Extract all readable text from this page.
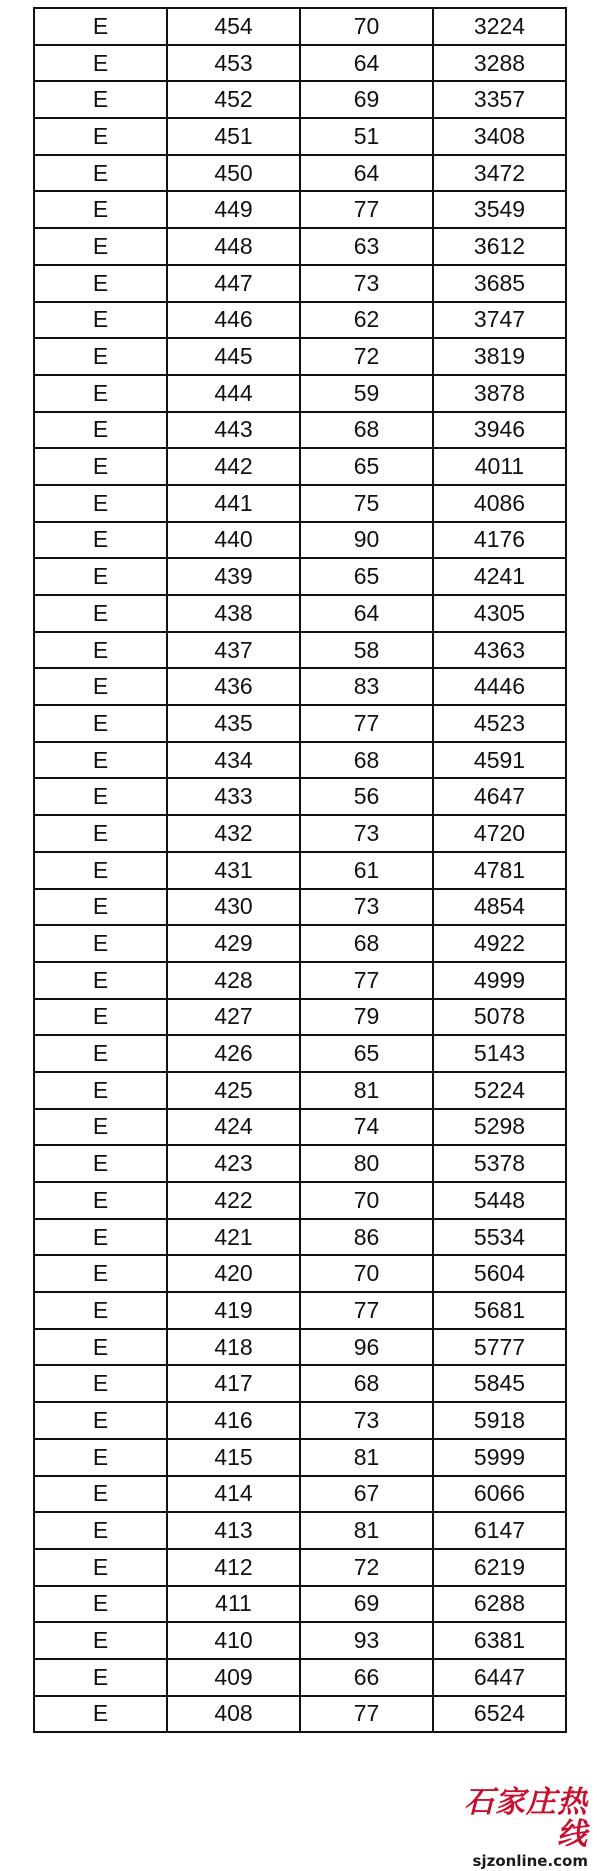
E	454	70	3224
E	453	64	3288
E	452	69	3357
E	451	51	3408
E	450	64	3472
E	449	77	3549
E	448	63	3612
E	447	73	3685
E	446	62	3747
E	445	72	3819
E	444	59	3878
E	443	68	3946
E	442	65	4011
E	441	75	4086
E	440	90	4176
E	439	65	4241
E	438	64	4305
E	437	58	4363
E	436	83	4446
E	435	77	4523
E	434	68	4591
E	433	56	4647
E	432	73	4720
E	431	61	4781
E	430	73	4854
E	429	68	4922
E	428	77	4999
E	427	79	5078
E	426	65	5143
E	425	81	5224
E	424	74	5298
E	423	80	5378
E	422	70	5448
E	421	86	5534
E	420	70	5604
E	419	77	5681
E	418	96	5777
E	417	68	5845
E	416	73	5918
E	415	81	5999
E	414	67	6066
E	413	81	6147
E	412	72	6219
E	411	69	6288
E	410	93	6381
E	409	66	6447
E	408	77	6524
石家庄热线
sjzonline.com
